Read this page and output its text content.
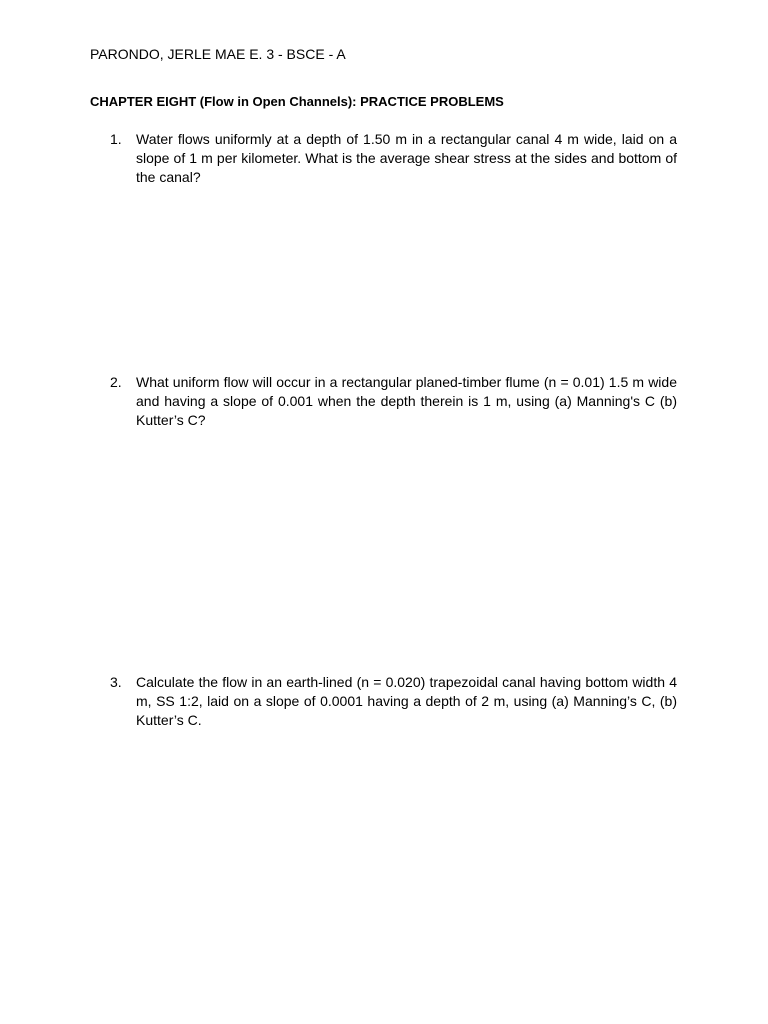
PARONDO, JERLE MAE E. 3 - BSCE - A
CHAPTER EIGHT (Flow in Open Channels): PRACTICE PROBLEMS
1.	Water flows uniformly at a depth of 1.50 m in a rectangular canal 4 m wide, laid on a slope of 1 m per kilometer. What is the average shear stress at the sides and bottom of the canal?
2.	What uniform flow will occur in a rectangular planed-timber flume (n = 0.01) 1.5 m wide and having a slope of 0.001 when the depth therein is 1 m, using (a) Manning's C (b) Kutter’s C?
3.	Calculate the flow in an earth-lined (n = 0.020) trapezoidal canal having bottom width 4 m, SS 1:2, laid on a slope of 0.0001 having a depth of 2 m, using (a) Manning’s C, (b) Kutter’s C.
